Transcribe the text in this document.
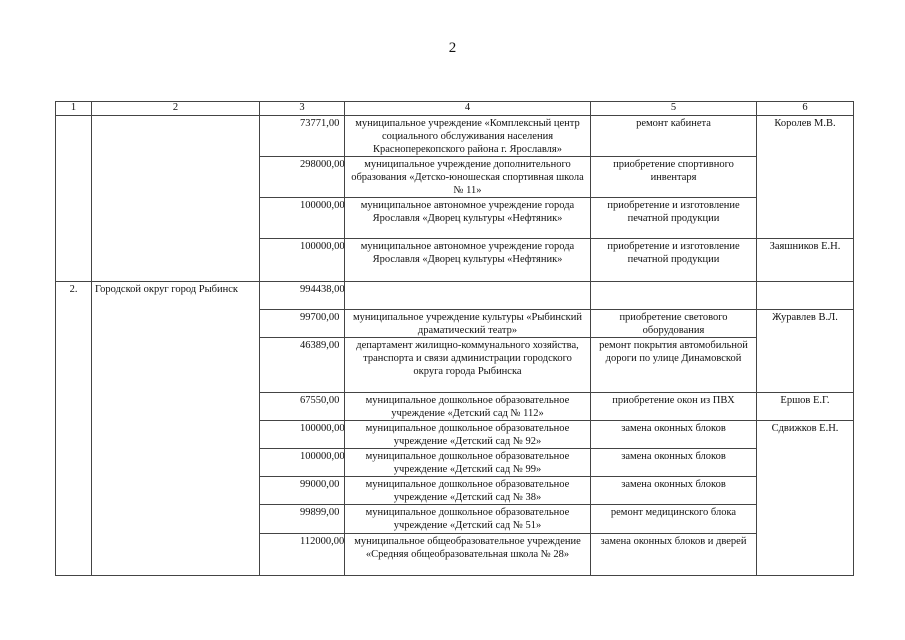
2
1	2	3	4	5	6
		73771,00	муниципальное учреждение «Комплексный центр социального обслуживания населения Красноперекопского района г. Ярославля»	ремонт кабинета	Королев М.В.
		298000,00	муниципальное учреждение дополнительного образования «Детско-юношеская спортивная школа № 11»	приобретение спортивного инвентаря	
		100000,00	муниципальное автономное учреждение города Ярославля «Дворец культуры «Нефтяник»	приобретение и изготовление печатной продукции	
		100000,00	муниципальное автономное учреждение города Ярославля «Дворец культуры «Нефтяник»	приобретение и изготовление печатной продукции	Заяшников Е.Н.
2.	Городской округ город Рыбинск	994438,00			
		99700,00	муниципальное учреждение культуры «Рыбинский драматический театр»	приобретение светового оборудования	Журавлев В.Л.
		46389,00	департамент жилищно-коммунального хозяйства, транспорта и связи администрации городского округа города Рыбинска	ремонт покрытия автомобильной дороги по улице Динамовской	
		67550,00	муниципальное дошкольное образовательное учреждение «Детский сад № 112»	приобретение окон из ПВХ	Ершов Е.Г.
		100000,00	муниципальное дошкольное образовательное учреждение «Детский сад № 92»	замена оконных блоков	Сдвижков Е.Н.
		100000,00	муниципальное дошкольное образовательное учреждение «Детский сад № 99»	замена оконных блоков	
		99000,00	муниципальное дошкольное образовательное учреждение «Детский сад № 38»	замена оконных блоков	
		99899,00	муниципальное дошкольное образовательное учреждение «Детский сад № 51»	ремонт медицинского блока	
		112000,00	муниципальное общеобразовательное учреждение «Средняя общеобразовательная школа № 28»	замена оконных блоков и дверей	
